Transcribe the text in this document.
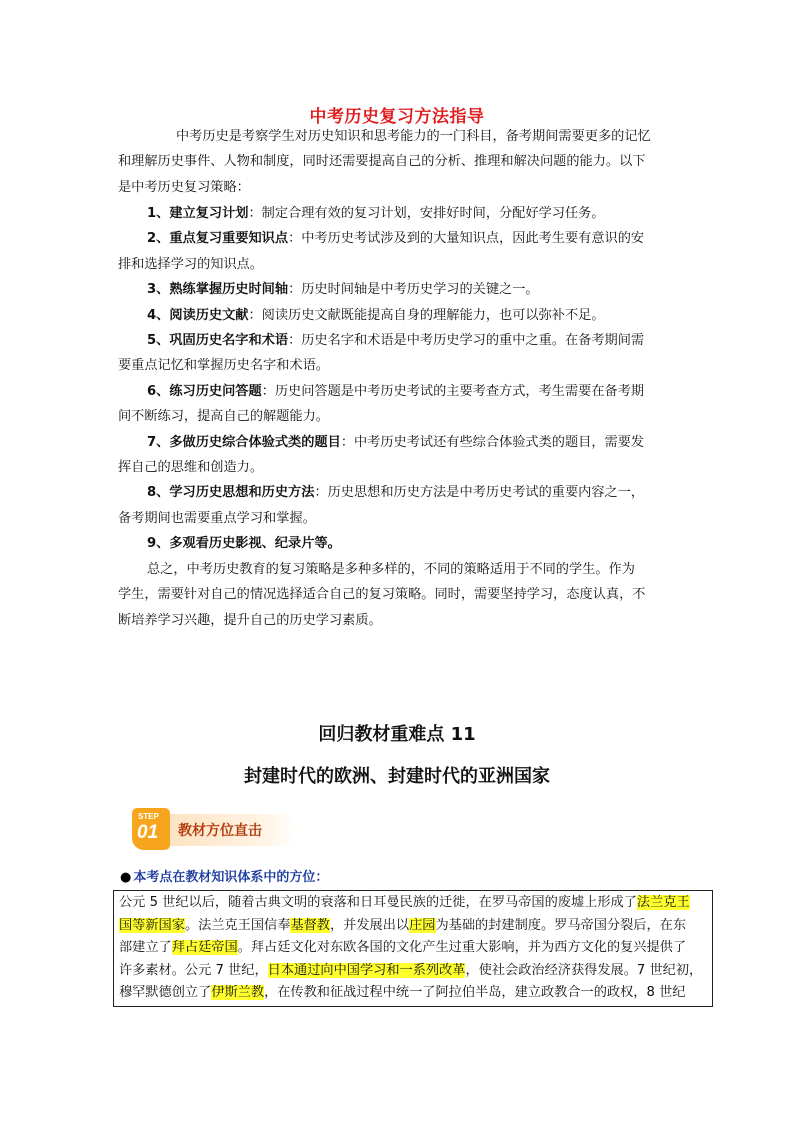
中考历史复习方法指导

中考历史是考察学生对历史知识和思考能力的一门科目，备考期间需要更多的记忆

和理解历史事件、人物和制度，同时还需要提高自己的分析、推理和解决问题的能力。以下

是中考历史复习策略：

1、建立复习计划：制定合理有效的复习计划，安排好时间，分配好学习任务。

2、重点复习重要知识点：中考历史考试涉及到的大量知识点，因此考生要有意识的安

排和选择学习的知识点。

3、熟练掌握历史时间轴：历史时间轴是中考历史学习的关键之一。

4、阅读历史文献：阅读历史文献既能提高自身的理解能力，也可以弥补不足。

5、巩固历史名字和术语：历史名字和术语是中考历史学习的重中之重。在备考期间需

要重点记忆和掌握历史名字和术语。

6、练习历史问答题：历史问答题是中考历史考试的主要考查方式，考生需要在备考期

间不断练习，提高自己的解题能力。

7、多做历史综合体验式类的题目：中考历史考试还有些综合体验式类的题目，需要发

挥自己的思维和创造力。

8、学习历史思想和历史方法：历史思想和历史方法是中考历史考试的重要内容之一，

备考期间也需要重点学习和掌握。

9、多观看历史影视、纪录片等。

总之，中考历史教育的复习策略是多种多样的，不同的策略适用于不同的学生。作为

学生，需要针对自己的情况选择适合自己的复习策略。同时，需要坚持学习，态度认真，不

断培养学习兴趣，提升自己的历史学习素质。

回归教材重难点 11
封建时代的欧洲、封建时代的亚洲国家
STEP
01 教材方位直击
● 本考点在教材知识体系中的方位：
公元 5 世纪以后，随着古典文明的衰落和日耳曼民族的迁徙，在罗马帝国的废墟上形成了法兰克王
国等新国家。法兰克王国信奉基督教，并发展出以庄园为基础的封建制度。罗马帝国分裂后，在东
部建立了拜占廷帝国。拜占廷文化对东欧各国的文化产生过重大影响，并为西方文化的复兴提供了
许多素材。公元 7 世纪，日本通过向中国学习和一系列改革，使社会政治经济获得发展。7 世纪初，
穆罕默德创立了伊斯兰教，在传教和征战过程中统一了阿拉伯半岛，建立政教合一的政权，8 世纪
